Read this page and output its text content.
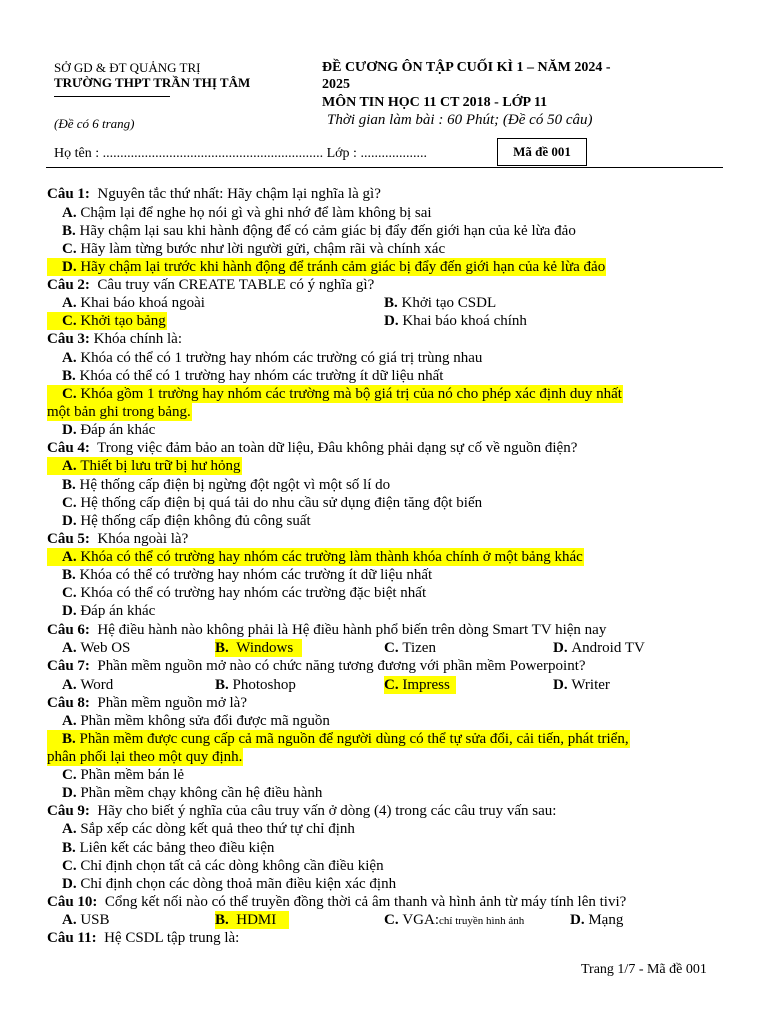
SỞ GD & ĐT QUẢNG TRỊ
TRƯỜNG THPT TRẦN THỊ TÂM
(Đề có 6 trang)
ĐỀ CƯƠNG ÔN TẬP CUỐI KÌ 1 – NĂM 2024 -
2025
MÔN TIN HỌC 11 CT 2018 - LỚP 11
Thời gian làm bài : 60 Phút; (Đề có 50 câu)
Họ tên : ............................................................... Lớp : ...................	Mã đề 001
Câu 1: Nguyên tắc thứ nhất: Hãy chậm lại nghĩa là gì?
A. Chậm lại để nghe họ nói gì và ghi nhớ để làm không bị sai
B. Hãy chậm lại sau khi hành động để có cảm giác bị đẩy đến giới hạn của kẻ lừa đảo
C. Hãy làm từng bước như lời người gửi, chậm rãi và chính xác
D. Hãy chậm lại trước khi hành động để tránh cảm giác bị đẩy đến giới hạn của kẻ lừa đảo
Câu 2: Câu truy vấn CREATE TABLE có ý nghĩa gì?
A. Khai báo khoá ngoài	B. Khởi tạo CSDL
C. Khởi tạo bảng	D. Khai báo khoá chính
Câu 3: Khóa chính là:
A. Khóa có thể có 1 trường hay nhóm các trường có giá trị trùng nhau
B. Khóa có thể có 1 trường hay nhóm các trường ít dữ liệu nhất
C. Khóa gồm 1 trường hay nhóm các trường mà bộ giá trị của nó cho phép xác định duy nhất
một bản ghi trong bảng.
D. Đáp án khác
Câu 4: Trong việc đảm bảo an toàn dữ liệu, Đâu không phải dạng sự cố về nguồn điện?
A. Thiết bị lưu trữ bị hư hỏng
B. Hệ thống cấp điện bị ngừng đột ngột vì một số lí do
C. Hệ thống cấp điện bị quá tải do nhu cầu sử dụng điện tăng đột biến
D. Hệ thống cấp điện không đủ công suất
Câu 5: Khóa ngoài là?
A. Khóa có thể có trường hay nhóm các trường làm thành khóa chính ở một bảng khác
B. Khóa có thể có trường hay nhóm các trường ít dữ liệu nhất
C. Khóa có thể có trường hay nhóm các trường đặc biệt nhất
D. Đáp án khác
Câu 6: Hệ điều hành nào không phải là Hệ điều hành phổ biến trên dòng Smart TV hiện nay
A. Web OS	B. Windows	C. Tizen	D. Android TV
Câu 7: Phần mềm nguồn mở nào có chức năng tương đương với phần mềm Powerpoint?
A. Word	B. Photoshop	C. Impress	D. Writer
Câu 8: Phần mềm nguồn mở là?
A. Phần mềm không sửa đổi được mã nguồn
B. Phần mềm được cung cấp cả mã nguồn để người dùng có thể tự sửa đổi, cải tiến, phát triển,
phân phối lại theo một quy định.
C. Phần mềm bán lẻ
D. Phần mềm chạy không cần hệ điều hành
Câu 9: Hãy cho biết ý nghĩa của câu truy vấn ở dòng (4) trong các câu truy vấn sau:
A. Sắp xếp các dòng kết quả theo thứ tự chỉ định
B. Liên kết các bảng theo điều kiện
C. Chỉ định chọn tất cả các dòng không cần điều kiện
D. Chỉ định chọn các dòng thoả mãn điều kiện xác định
Câu 10: Cổng kết nối nào có thể truyền đồng thời cả âm thanh và hình ảnh từ máy tính lên tivi?
A. USB	B. HDMI	C. VGA:chỉ truyền hình ảnh	D. Mạng
Câu 11: Hệ CSDL tập trung là:
Trang 1/7 - Mã đề 001
